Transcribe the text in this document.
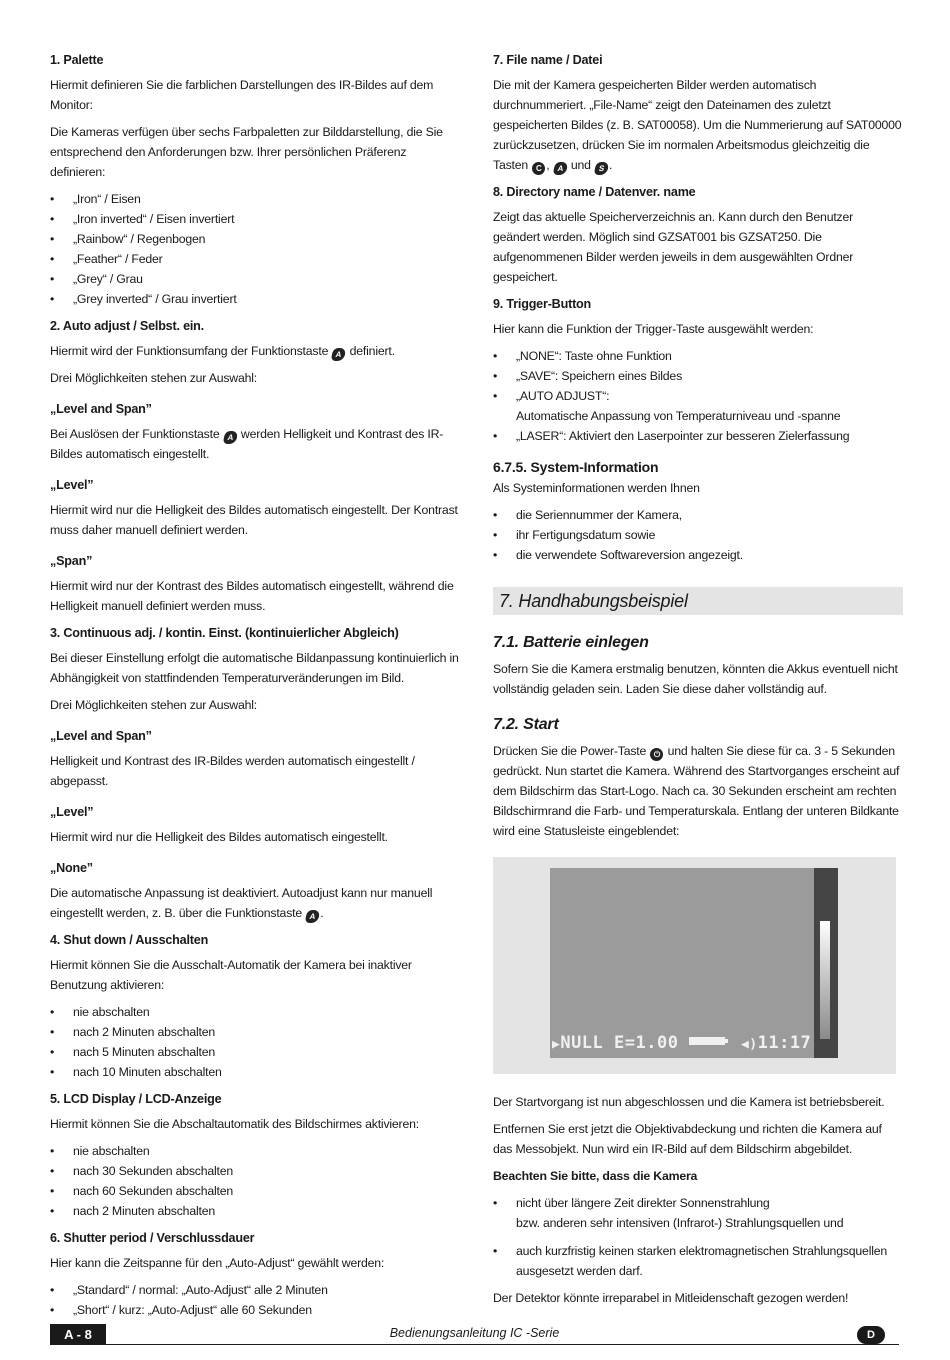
1. Palette

Hiermit definieren Sie die farblichen Darstellungen des IR-Bildes auf dem Monitor:

Die Kameras verfügen über sechs Farbpaletten zur Bilddarstellung, die Sie entsprechend den Anforderungen bzw. Ihrer persönlichen Präferenz definieren:

• „Iron“ / Eisen
• „Iron inverted“ / Eisen invertiert
• „Rainbow“ / Regenbogen
• „Feather“ / Feder
• „Grey“ / Grau
• „Grey inverted“ / Grau invertiert
2. Auto adjust / Selbst. ein.

Hiermit wird der Funktionsumfang der Funktionstaste A definiert.

Drei Möglichkeiten stehen zur Auswahl:

„Level and Span”

Bei Auslösen der Funktionstaste A werden Helligkeit und Kontrast des IR-Bildes automatisch eingestellt.

„Level”

Hiermit wird nur die Helligkeit des Bildes automatisch eingestellt. Der Kontrast muss daher manuell definiert werden.

„Span”

Hiermit wird nur der Kontrast des Bildes automatisch eingestellt, während die Helligkeit manuell definiert werden muss.

3. Continuous adj. / kontin. Einst. (kontinuierlicher Abgleich)

Bei dieser Einstellung erfolgt die automatische Bildanpassung kontinuierlich in Abhängigkeit von stattfindenden Temperaturveränderungen im Bild.

Drei Möglichkeiten stehen zur Auswahl:

„Level and Span”

Helligkeit und Kontrast des IR-Bildes werden automatisch eingestellt / abgepasst.

„Level”

Hiermit wird nur die Helligkeit des Bildes automatisch eingestellt.

„None”

Die automatische Anpassung ist deaktiviert. Autoadjust kann nur manuell eingestellt werden, z. B. über die Funktionstaste A .

4. Shut down / Ausschalten

Hiermit können Sie die Ausschalt-Automatik der Kamera bei inaktiver Benutzung aktivieren:

• nie abschalten
• nach 2 Minuten abschalten
• nach 5 Minuten abschalten
• nach 10 Minuten abschalten
5. LCD Display / LCD-Anzeige

Hiermit können Sie die Abschaltautomatik des Bildschirmes aktivieren:

• nie abschalten
• nach 30 Sekunden abschalten
• nach 60 Sekunden abschalten
• nach 2 Minuten abschalten
6. Shutter period / Verschlussdauer

Hier kann die Zeitspanne für den „Auto-Adjust“ gewählt werden:

• „Standard“ / normal: „Auto-Adjust“ alle 2 Minuten
• „Short“ / kurz: „Auto-Adjust“ alle 60 Sekunden
7. File name / Datei

Die mit der Kamera gespeicherten Bilder werden automatisch durchnummeriert. „File-Name“ zeigt den Dateinamen des zuletzt gespeicherten Bildes (z. B. SAT00058). Um die Nummerierung auf SAT00000 zurückzusetzen, drücken Sie im normalen Arbeitsmodus gleichzeitig die Tasten C , A und S .

8. Directory name / Datenver. name

Zeigt das aktuelle Speicherverzeichnis an. Kann durch den Benutzer geändert werden. Möglich sind GZSAT001 bis GZSAT250. Die aufgenommenen Bilder werden jeweils in dem ausgewählten Ordner gespeichert.

9. Trigger-Button

Hier kann die Funktion der Trigger-Taste ausgewählt werden:

• „NONE“: Taste ohne Funktion
• „SAVE“: Speichern eines Bildes
• „AUTO ADJUST“:
Automatische Anpassung von Temperaturniveau und -spanne
• „LASER“: Aktiviert den Laserpointer zur besseren Zielerfassung
6.7.5. System-Information

Als Systeminformationen werden Ihnen

• die Seriennummer der Kamera,
• ihr Fertigungsdatum sowie
• die verwendete Softwareversion angezeigt.
7. Handhabungsbeispiel
7.1. Batterie einlegen

Sofern Sie die Kamera erstmalig benutzen, könnten die Akkus eventuell nicht vollständig geladen sein. Laden Sie diese daher vollständig auf.

7.2. Start

Drücken Sie die Power-Taste ⏻ und halten Sie diese für ca. 3 - 5 Sekunden gedrückt. Nun startet die Kamera. Während des Startvorganges erscheint auf dem Bildschirm das Start-Logo. Nach ca. 30 Sekunden erscheint am rechten Bildschirmrand die Farb- und Temperaturskala. Entlang der unteren Bildkante wird eine Statusleiste eingeblendet:

▶NULL E=1.00	◀)11:17

Der Startvorgang ist nun abgeschlossen und die Kamera ist betriebsbereit.

Entfernen Sie erst jetzt die Objektivabdeckung und richten die Kamera auf das Messobjekt. Nun wird ein IR-Bild auf dem Bildschirm abgebildet.

Beachten Sie bitte, dass die Kamera

• nicht über längere Zeit direkter Sonnenstrahlung
bzw. anderen sehr intensiven (Infrarot-) Strahlungsquellen und
• auch kurzfristig keinen starken elektromagnetischen Strahlungsquellen
ausgesetzt werden darf.

Der Detektor könnte irreparabel in Mitleidenschaft gezogen werden!

A - 8	Bedienungsanleitung IC -Serie	D
